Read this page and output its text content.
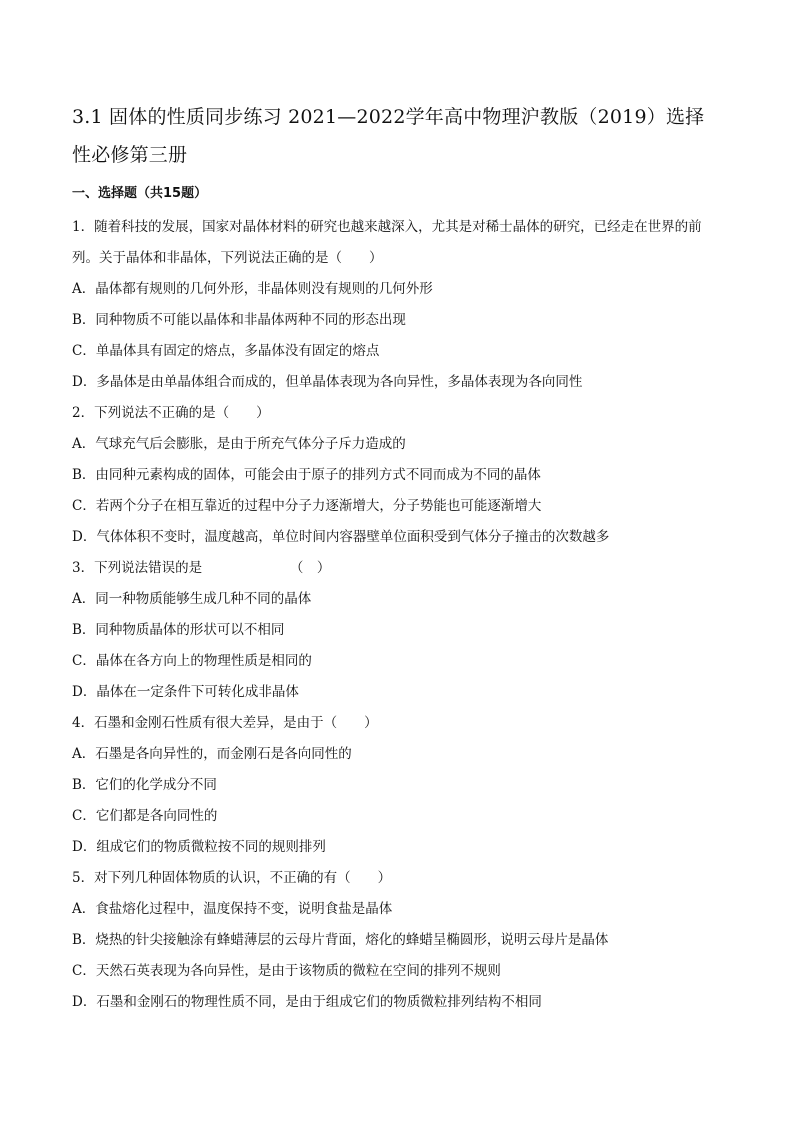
3.1 固体的性质同步练习 2021—2022学年高中物理沪教版（2019）选择性必修第三册
一、选择题（共15题）

1．随着科技的发展，国家对晶体材料的研究也越来越深入，尤其是对稀士晶体的研究，已经走在世界的前列。关于晶体和非晶体，下列说法正确的是（　　）

A．晶体都有规则的几何外形，非晶体则没有规则的几何外形

B．同种物质不可能以晶体和非晶体两种不同的形态出现

C．单晶体具有固定的熔点，多晶体没有固定的熔点

D．多晶体是由单晶体组合而成的，但单晶体表现为各向异性，多晶体表现为各向同性

2．下列说法不正确的是（　　）

A．气球充气后会膨胀，是由于所充气体分子斥力造成的

B．由同种元素构成的固体，可能会由于原子的排列方式不同而成为不同的晶体

C．若两个分子在相互靠近的过程中分子力逐渐增大，分子势能也可能逐渐增大

D．气体体积不变时，温度越高，单位时间内容器壁单位面积受到气体分子撞击的次数越多

3．下列说法错误的是　　　　　　　（　）

A．同一种物质能够生成几种不同的晶体

B．同种物质晶体的形状可以不相同

C．晶体在各方向上的物理性质是相同的

D．晶体在一定条件下可转化成非晶体

4．石墨和金刚石性质有很大差异，是由于（　　）

A．石墨是各向异性的，而金刚石是各向同性的

B．它们的化学成分不同

C．它们都是各向同性的

D．组成它们的物质微粒按不同的规则排列

5．对下列几种固体物质的认识，不正确的有（　　）

A．食盐熔化过程中，温度保持不变，说明食盐是晶体

B．烧热的针尖接触涂有蜂蜡薄层的云母片背面，熔化的蜂蜡呈椭圆形，说明云母片是晶体

C．天然石英表现为各向异性，是由于该物质的微粒在空间的排列不规则

D．石墨和金刚石的物理性质不同，是由于组成它们的物质微粒排列结构不相同
